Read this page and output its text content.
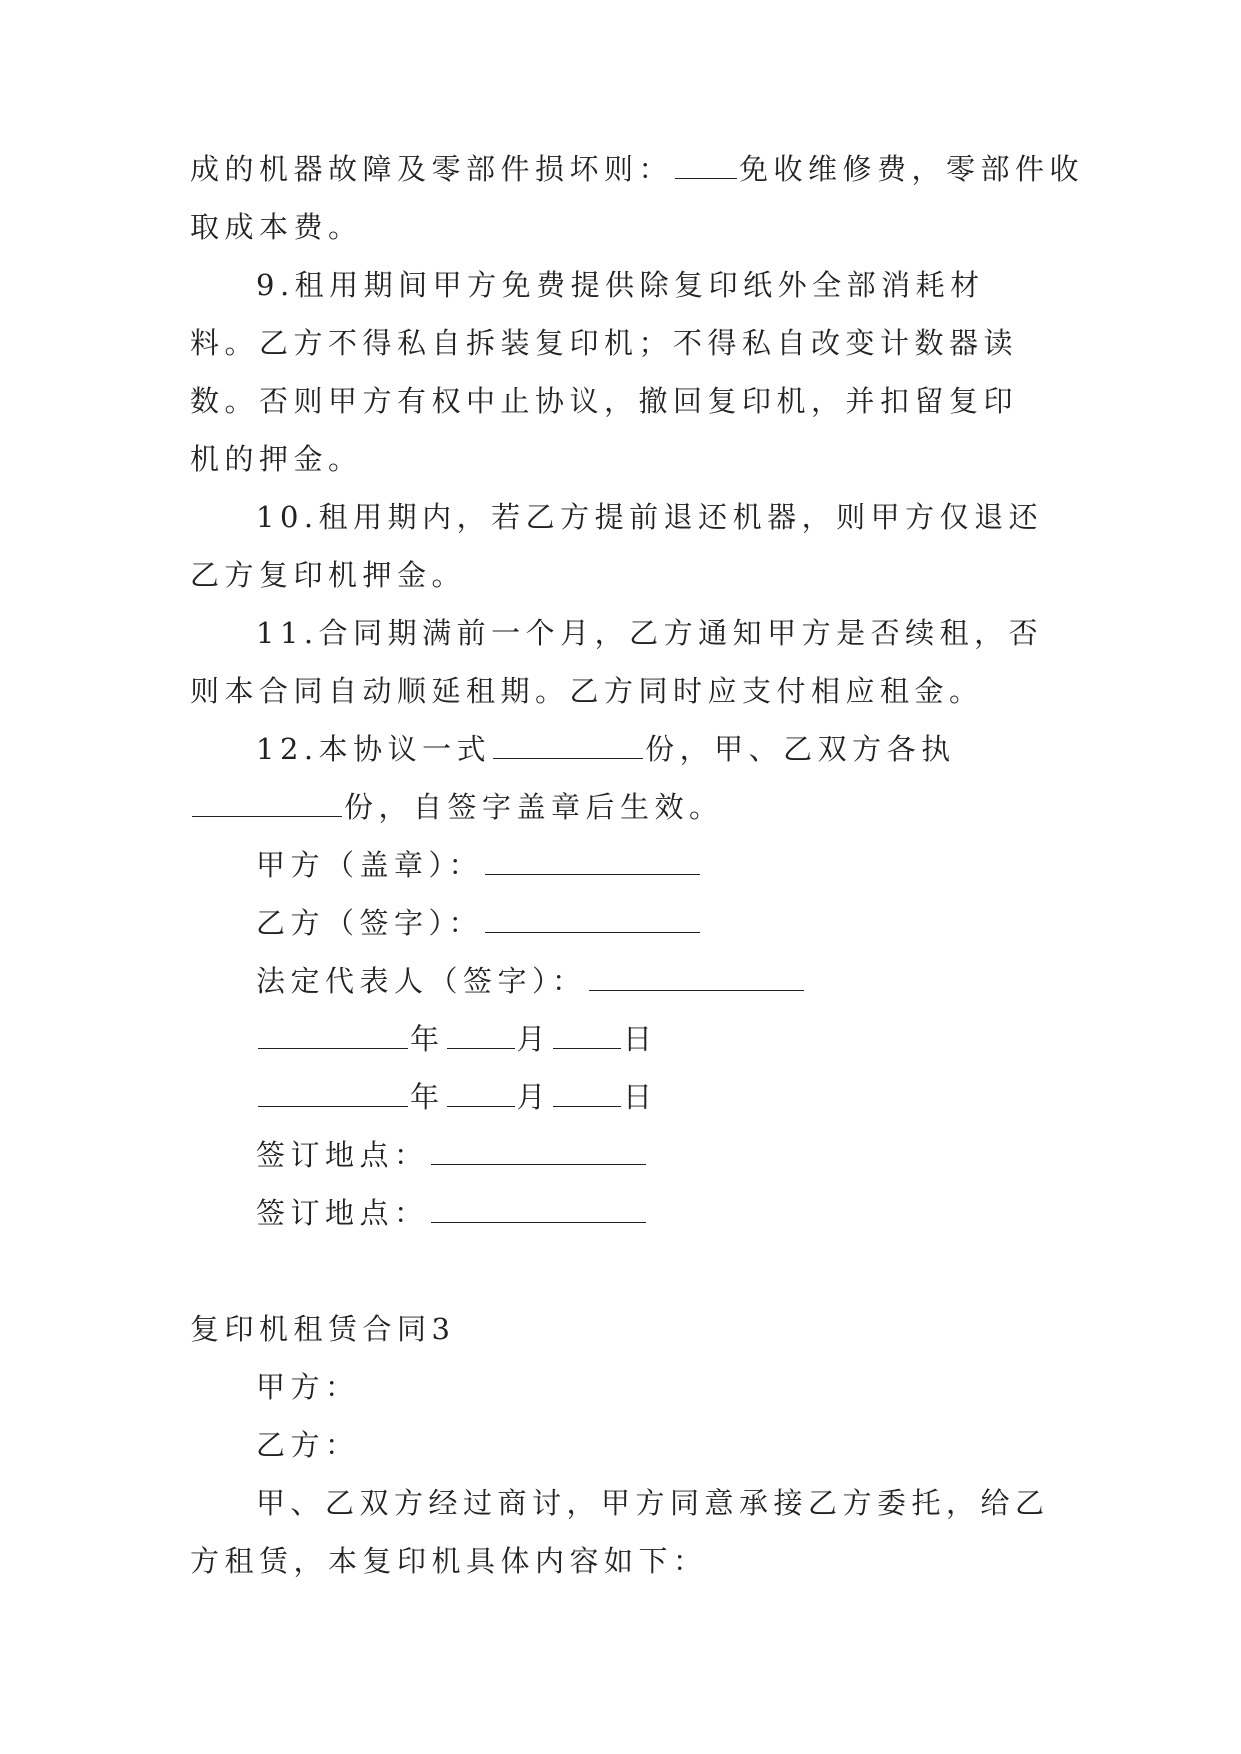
成的机器故障及零部件损坏则： 免收维修费，零部件收
取成本费。

9.租用期间甲方免费提供除复印纸外全部消耗材料。乙方不得私自拆装复印机；不得私自改变计数器读数。否则甲方有权中止协议，撤回复印机，并扣留复印机的押金。

10.租用期内，若乙方提前退还机器，则甲方仅退还乙方复印机押金。

11.合同期满前一个月，乙方通知甲方是否续租，否则本合同自动顺延租期。乙方同时应支付相应租金。

12.本协议一式	份，甲、乙双方各执份，自签字盖章后生效。

甲方（盖章）：
乙方（签字）：
法定代表人（签字）：
年 月 日
年 月 日
签订地点：
签订地点：
复印机租赁合同3
甲方：
乙方：

甲、乙双方经过商讨，甲方同意承接乙方委托，给乙方租赁，本复印机具体内容如下：
